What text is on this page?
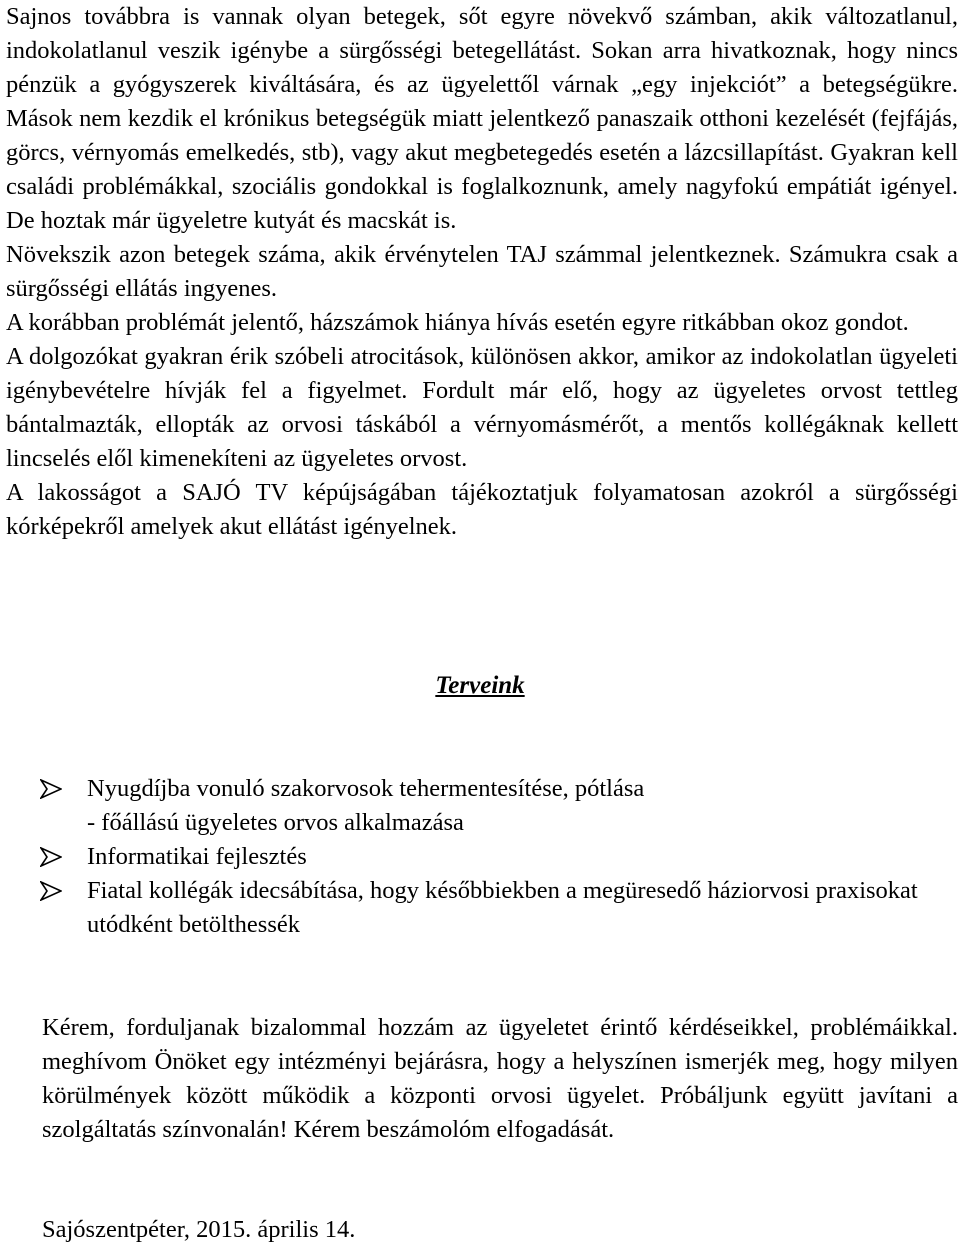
Sajnos továbbra is vannak olyan betegek, sőt egyre növekvő számban, akik változatlanul, indokolatlanul veszik igénybe a sürgősségi betegellátást. Sokan arra hivatkoznak, hogy nincs pénzük a gyógyszerek kiváltására, és az ügyelettől várnak „egy injekciót” a betegségükre. Mások nem kezdik el krónikus betegségük miatt jelentkező panaszaik otthoni kezelését (fejfájás, görcs, vérnyomás emelkedés, stb), vagy akut megbetegedés esetén a lázcsillapítást. Gyakran kell családi problémákkal, szociális gondokkal is foglalkoznunk, amely nagyfokú empátiát igényel. De hoztak már ügyeletre kutyát és macskát is.

Növekszik azon betegek száma, akik érvénytelen TAJ számmal jelentkeznek. Számukra csak a sürgősségi ellátás ingyenes.

A korábban problémát jelentő, házszámok hiánya hívás esetén egyre ritkábban okoz gondot.

A dolgozókat gyakran érik szóbeli atrocitások, különösen akkor, amikor az indokolatlan ügyeleti igénybevételre hívják fel a figyelmet. Fordult már elő, hogy az ügyeletes orvost tettleg bántalmazták, ellopták az orvosi táskából a vérnyomásmérőt, a mentős kollégáknak kellett lincselés elől kimenekíteni az ügyeletes orvost.

A lakosságot a SAJÓ TV képújságában tájékoztatjuk folyamatosan azokról a sürgősségi kórképekről amelyek akut ellátást igényelnek.

Terveink
Nyugdíjba vonuló szakorvosok tehermentesítése, pótlása
- főállású ügyeletes orvos alkalmazása
Informatikai fejlesztés
Fiatal kollégák idecsábítása, hogy későbbiekben a megüresedő háziorvosi praxisokat utódként betölthessék
Kérem, forduljanak bizalommal hozzám az ügyeletet érintő kérdéseikkel, problémáikkal. meghívom Önöket egy intézményi bejárásra, hogy a helyszínen ismerjék meg, hogy milyen körülmények között működik a központi orvosi ügyelet. Próbáljunk együtt javítani a szolgáltatás színvonalán! Kérem beszámolóm elfogadását.
Sajószentpéter, 2015. április 14.
